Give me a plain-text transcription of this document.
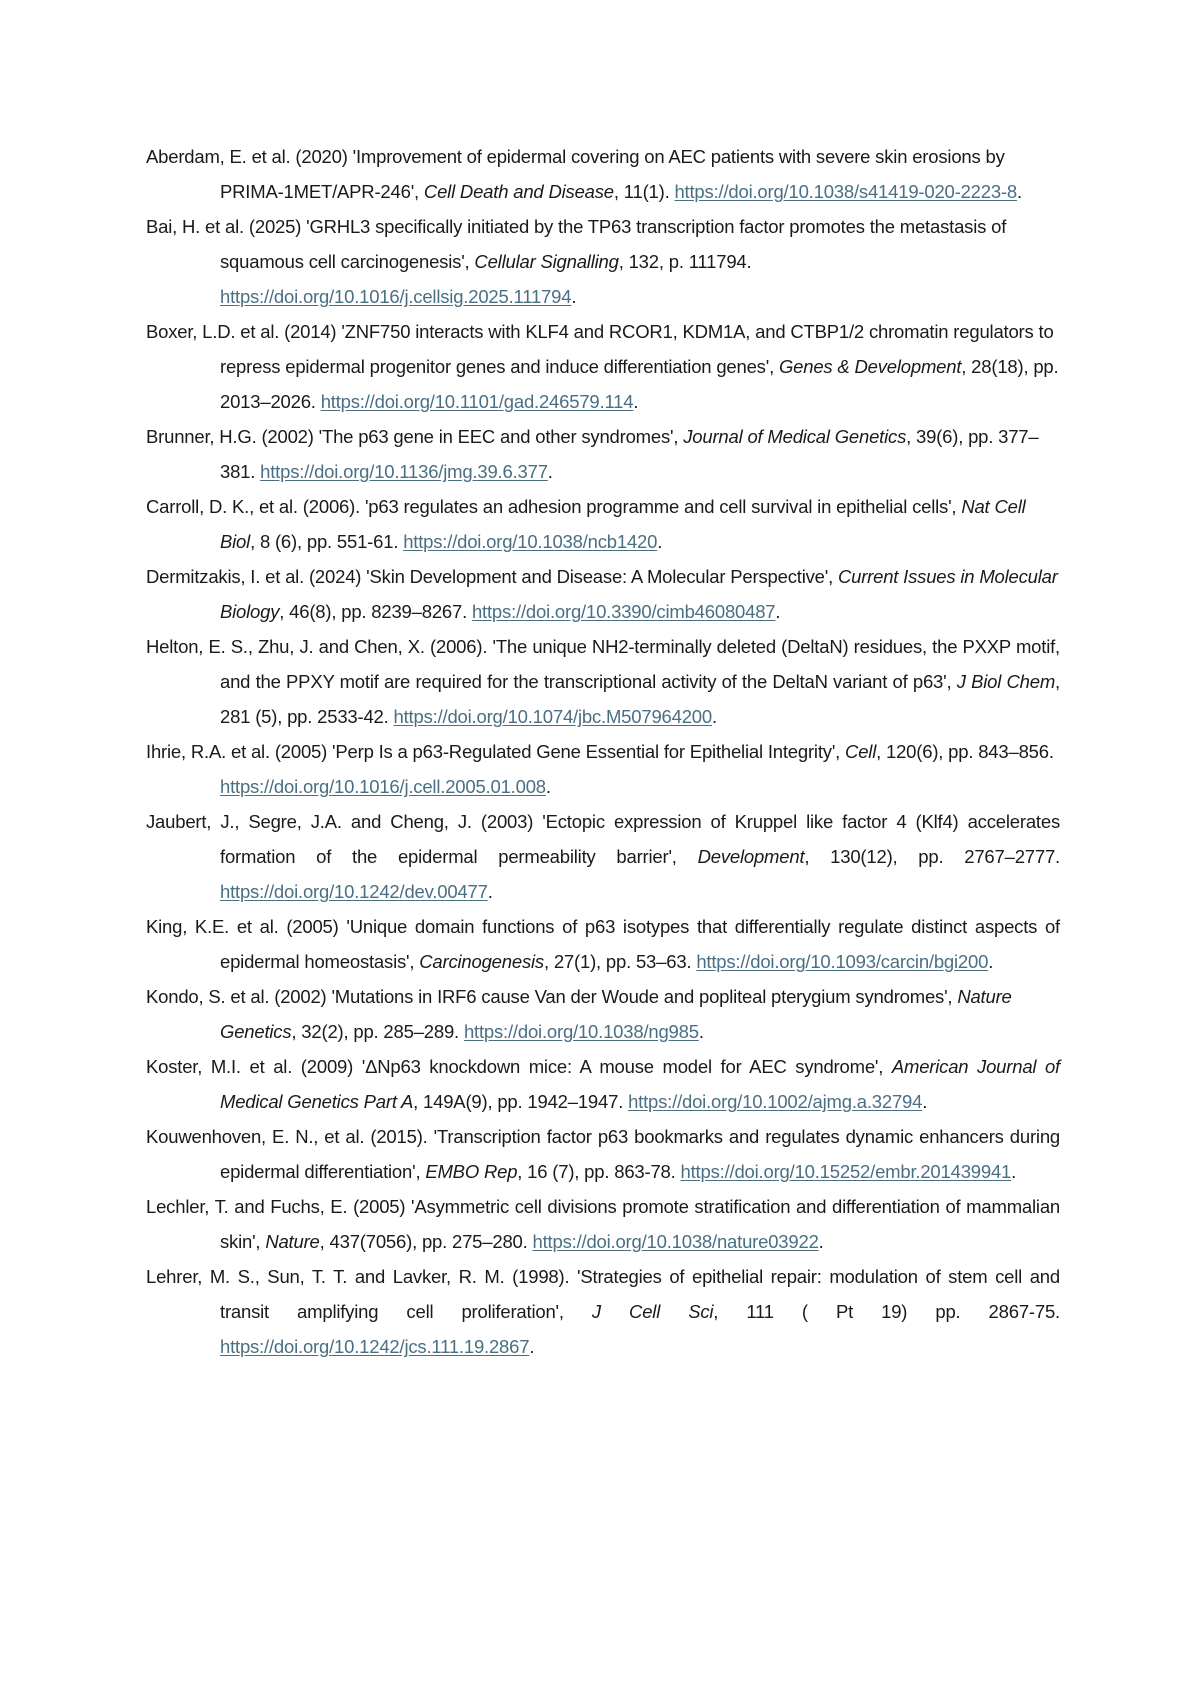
Aberdam, E. et al. (2020) 'Improvement of epidermal covering on AEC patients with severe skin erosions by PRIMA-1MET/APR-246', Cell Death and Disease, 11(1). https://doi.org/10.1038/s41419-020-2223-8.

Bai, H. et al. (2025) 'GRHL3 specifically initiated by the TP63 transcription factor promotes the metastasis of squamous cell carcinogenesis', Cellular Signalling, 132, p. 111794. https://doi.org/10.1016/j.cellsig.2025.111794.

Boxer, L.D. et al. (2014) 'ZNF750 interacts with KLF4 and RCOR1, KDM1A, and CTBP1/2 chromatin regulators to repress epidermal progenitor genes and induce differentiation genes', Genes & Development, 28(18), pp. 2013–2026. https://doi.org/10.1101/gad.246579.114.

Brunner, H.G. (2002) 'The p63 gene in EEC and other syndromes', Journal of Medical Genetics, 39(6), pp. 377–381. https://doi.org/10.1136/jmg.39.6.377.

Carroll, D. K., et al. (2006). 'p63 regulates an adhesion programme and cell survival in epithelial cells', Nat Cell Biol, 8 (6), pp. 551-61. https://doi.org/10.1038/ncb1420.

Dermitzakis, I. et al. (2024) 'Skin Development and Disease: A Molecular Perspective', Current Issues in Molecular Biology, 46(8), pp. 8239–8267. https://doi.org/10.3390/cimb46080487.

Helton, E. S., Zhu, J. and Chen, X. (2006). 'The unique NH2-terminally deleted (DeltaN) residues, the PXXP motif, and the PPXY motif are required for the transcriptional activity of the DeltaN variant of p63', J Biol Chem, 281 (5), pp. 2533-42. https://doi.org/10.1074/jbc.M507964200.

Ihrie, R.A. et al. (2005) 'Perp Is a p63-Regulated Gene Essential for Epithelial Integrity', Cell, 120(6), pp. 843–856. https://doi.org/10.1016/j.cell.2005.01.008.

Jaubert, J., Segre, J.A. and Cheng, J. (2003) 'Ectopic expression of Kruppel like factor 4 (Klf4) accelerates formation of the epidermal permeability barrier', Development, 130(12), pp. 2767–2777. https://doi.org/10.1242/dev.00477.

King, K.E. et al. (2005) 'Unique domain functions of p63 isotypes that differentially regulate distinct aspects of epidermal homeostasis', Carcinogenesis, 27(1), pp. 53–63. https://doi.org/10.1093/carcin/bgi200.

Kondo, S. et al. (2002) 'Mutations in IRF6 cause Van der Woude and popliteal pterygium syndromes', Nature Genetics, 32(2), pp. 285–289. https://doi.org/10.1038/ng985.

Koster, M.I. et al. (2009) 'ΔNp63 knockdown mice: A mouse model for AEC syndrome', American Journal of Medical Genetics Part A, 149A(9), pp. 1942–1947. https://doi.org/10.1002/ajmg.a.32794.

Kouwenhoven, E. N., et al. (2015). 'Transcription factor p63 bookmarks and regulates dynamic enhancers during epidermal differentiation', EMBO Rep, 16 (7), pp. 863-78. https://doi.org/10.15252/embr.201439941.

Lechler, T. and Fuchs, E. (2005) 'Asymmetric cell divisions promote stratification and differentiation of mammalian skin', Nature, 437(7056), pp. 275–280. https://doi.org/10.1038/nature03922.

Lehrer, M. S., Sun, T. T. and Lavker, R. M. (1998). 'Strategies of epithelial repair: modulation of stem cell and transit amplifying cell proliferation', J Cell Sci, 111 ( Pt 19) pp. 2867-75. https://doi.org/10.1242/jcs.111.19.2867.
